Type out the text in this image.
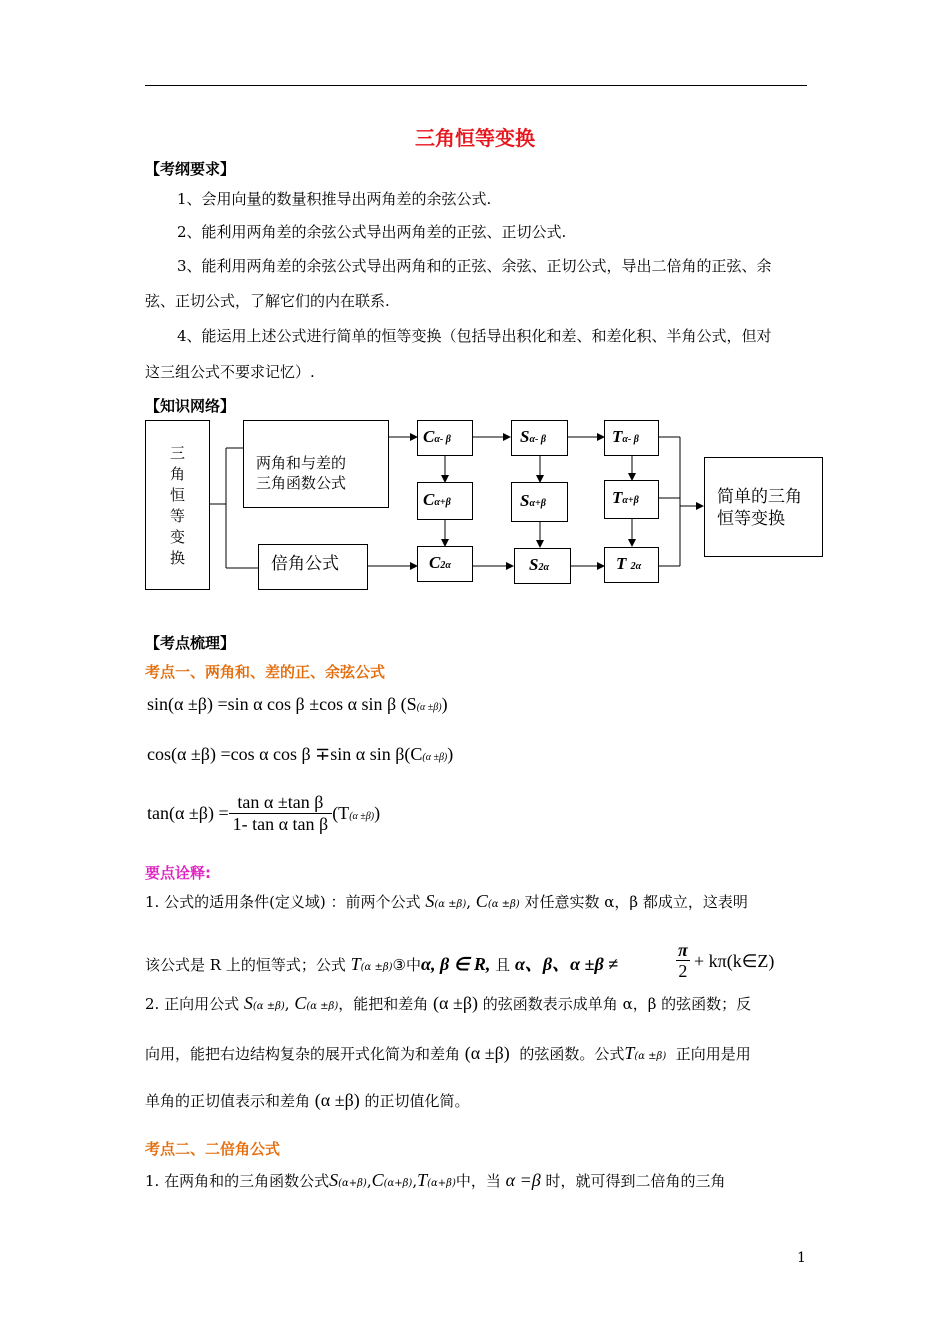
三角恒等变换
【考纲要求】
1、会用向量的数量积推导出两角差的余弦公式.
2、能利用两角差的余弦公式导出两角差的正弦、正切公式.
3、能利用两角差的余弦公式导出两角和的正弦、余弦、正切公式，导出二倍角的正弦、余
弦、正切公式，了解它们的内在联系.
4、能运用上述公式进行简单的恒等变换（包括导出积化和差、和差化积、半角公式，但对
这三组公式不要求记忆）.
【知识网络】
三
角
恒
等
变
换
两角和与差的
三角函数公式
倍角公式
简单的三角
恒等变换
Cα- β	Sα- β	Tα- β
Cα+β	Sα+β	Tα+β
C2α	S2α	T 2α
【考点梳理】
考点一、两角和、差的正、余弦公式
sin(α ±β) =sin α cos β ±cos α sin β (S(α ±β))
cos(α ±β) =cos α cos β ∓sin α sin β(C(α ±β))
$\tan(\alpha \pm\beta) = \frac{\text{tan α ±tan β}}{\text{1- tan α tan β}} (T(\alpha \pm\beta))$
要点诠释:
1. 公式的适用条件(定义域) ：前两个公式 S(α ±β), C(α ±β) 对任意实数 α，β 都成立，这表明
该公式是 R 上的恒等式；公式 T(α ±β)③中α, β ∈ R, 且 α、β、α ±β ≠	$\frac{\pi}{2}$ + kπ(k∈Z)
2. 正向用公式 S(α ±β), C(α ±β)，能把和差角 (α ±β) 的弦函数表示成单角 α，β 的弦函数；反
向用，能把右边结构复杂的展开式化简为和差角 (α ±β) 的弦函数。公式T(α ±β) 正向用是用
单角的正切值表示和差角 (α ±β) 的正切值化简。
考点二、二倍角公式
1. 在两角和的三角函数公式S(α+β),C(α+β),T(α+β)中，当 α =β 时，就可得到二倍角的三角
1
